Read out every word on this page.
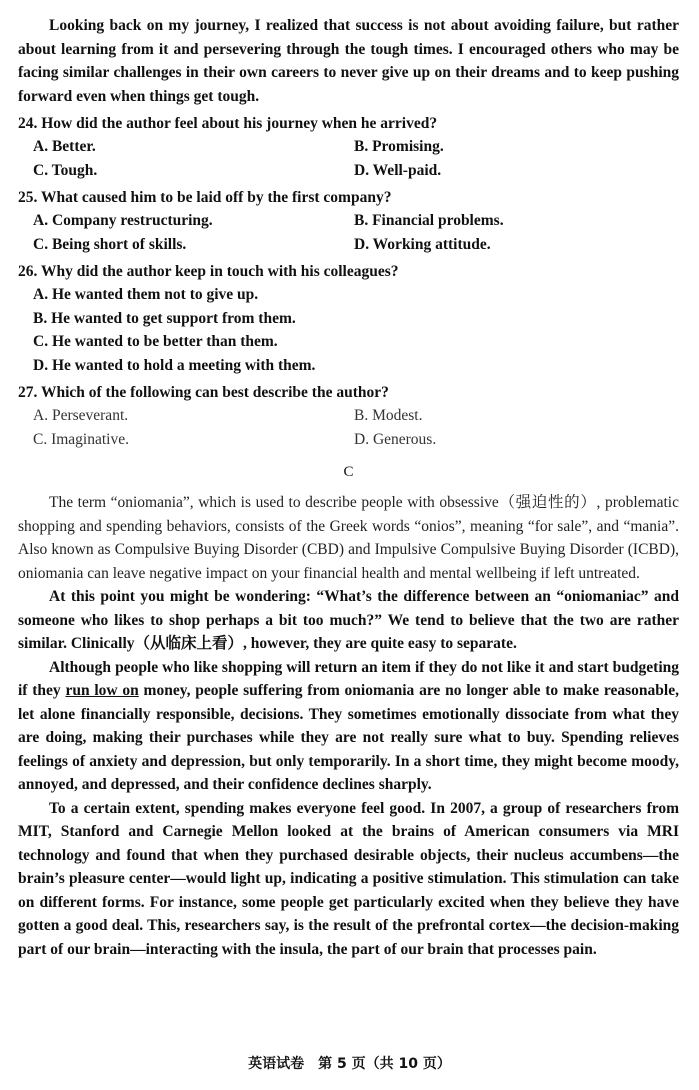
Looking back on my journey, I realized that success is not about avoiding failure, but rather about learning from it and persevering through the tough times. I encouraged others who may be facing similar challenges in their own careers to never give up on their dreams and to keep pushing forward even when things get tough.

24. How did the author feel about his journey when he arrived?

A. Better.	B. Promising.
C. Tough.	D. Well-paid.

25. What caused him to be laid off by the first company?

A. Company restructuring.	B. Financial problems.
C. Being short of skills.	D. Working attitude.

26. Why did the author keep in touch with his colleagues?

A. He wanted them not to give up.
B. He wanted to get support from them.
C. He wanted to be better than them.
D. He wanted to hold a meeting with them.

27. Which of the following can best describe the author?

A. Perseverant.	B. Modest.
C. Imaginative.	D. Generous.
C

The term “oniomania”, which is used to describe people with obsessive（强迫性的）, problematic shopping and spending behaviors, consists of the Greek words “onios”, meaning “for sale”, and “mania”. Also known as Compulsive Buying Disorder (CBD) and Impulsive Compulsive Buying Disorder (ICBD), oniomania can leave negative impact on your financial health and mental wellbeing if left untreated.

At this point you might be wondering: “What’s the difference between an “oniomaniac” and someone who likes to shop perhaps a bit too much?” We tend to believe that the two are rather similar. Clinically（从临床上看）, however, they are quite easy to separate.

Although people who like shopping will return an item if they do not like it and start budgeting if they run low on money, people suffering from oniomania are no longer able to make reasonable, let alone financially responsible, decisions. They sometimes emotionally dissociate from what they are doing, making their purchases while they are not really sure what to buy. Spending relieves feelings of anxiety and depression, but only temporarily. In a short time, they might become moody, annoyed, and depressed, and their confidence declines sharply.

To a certain extent, spending makes everyone feel good. In 2007, a group of researchers from MIT, Stanford and Carnegie Mellon looked at the brains of American consumers via MRI technology and found that when they purchased desirable objects, their nucleus accumbens—the brain’s pleasure center—would light up, indicating a positive stimulation. This stimulation can take on different forms. For instance, some people get particularly excited when they believe they have gotten a good deal. This, researchers say, is the result of the prefrontal cortex—the decision-making part of our brain—interacting with the insula, the part of our brain that processes pain.

英语试卷　第 5 页（共 10 页）
